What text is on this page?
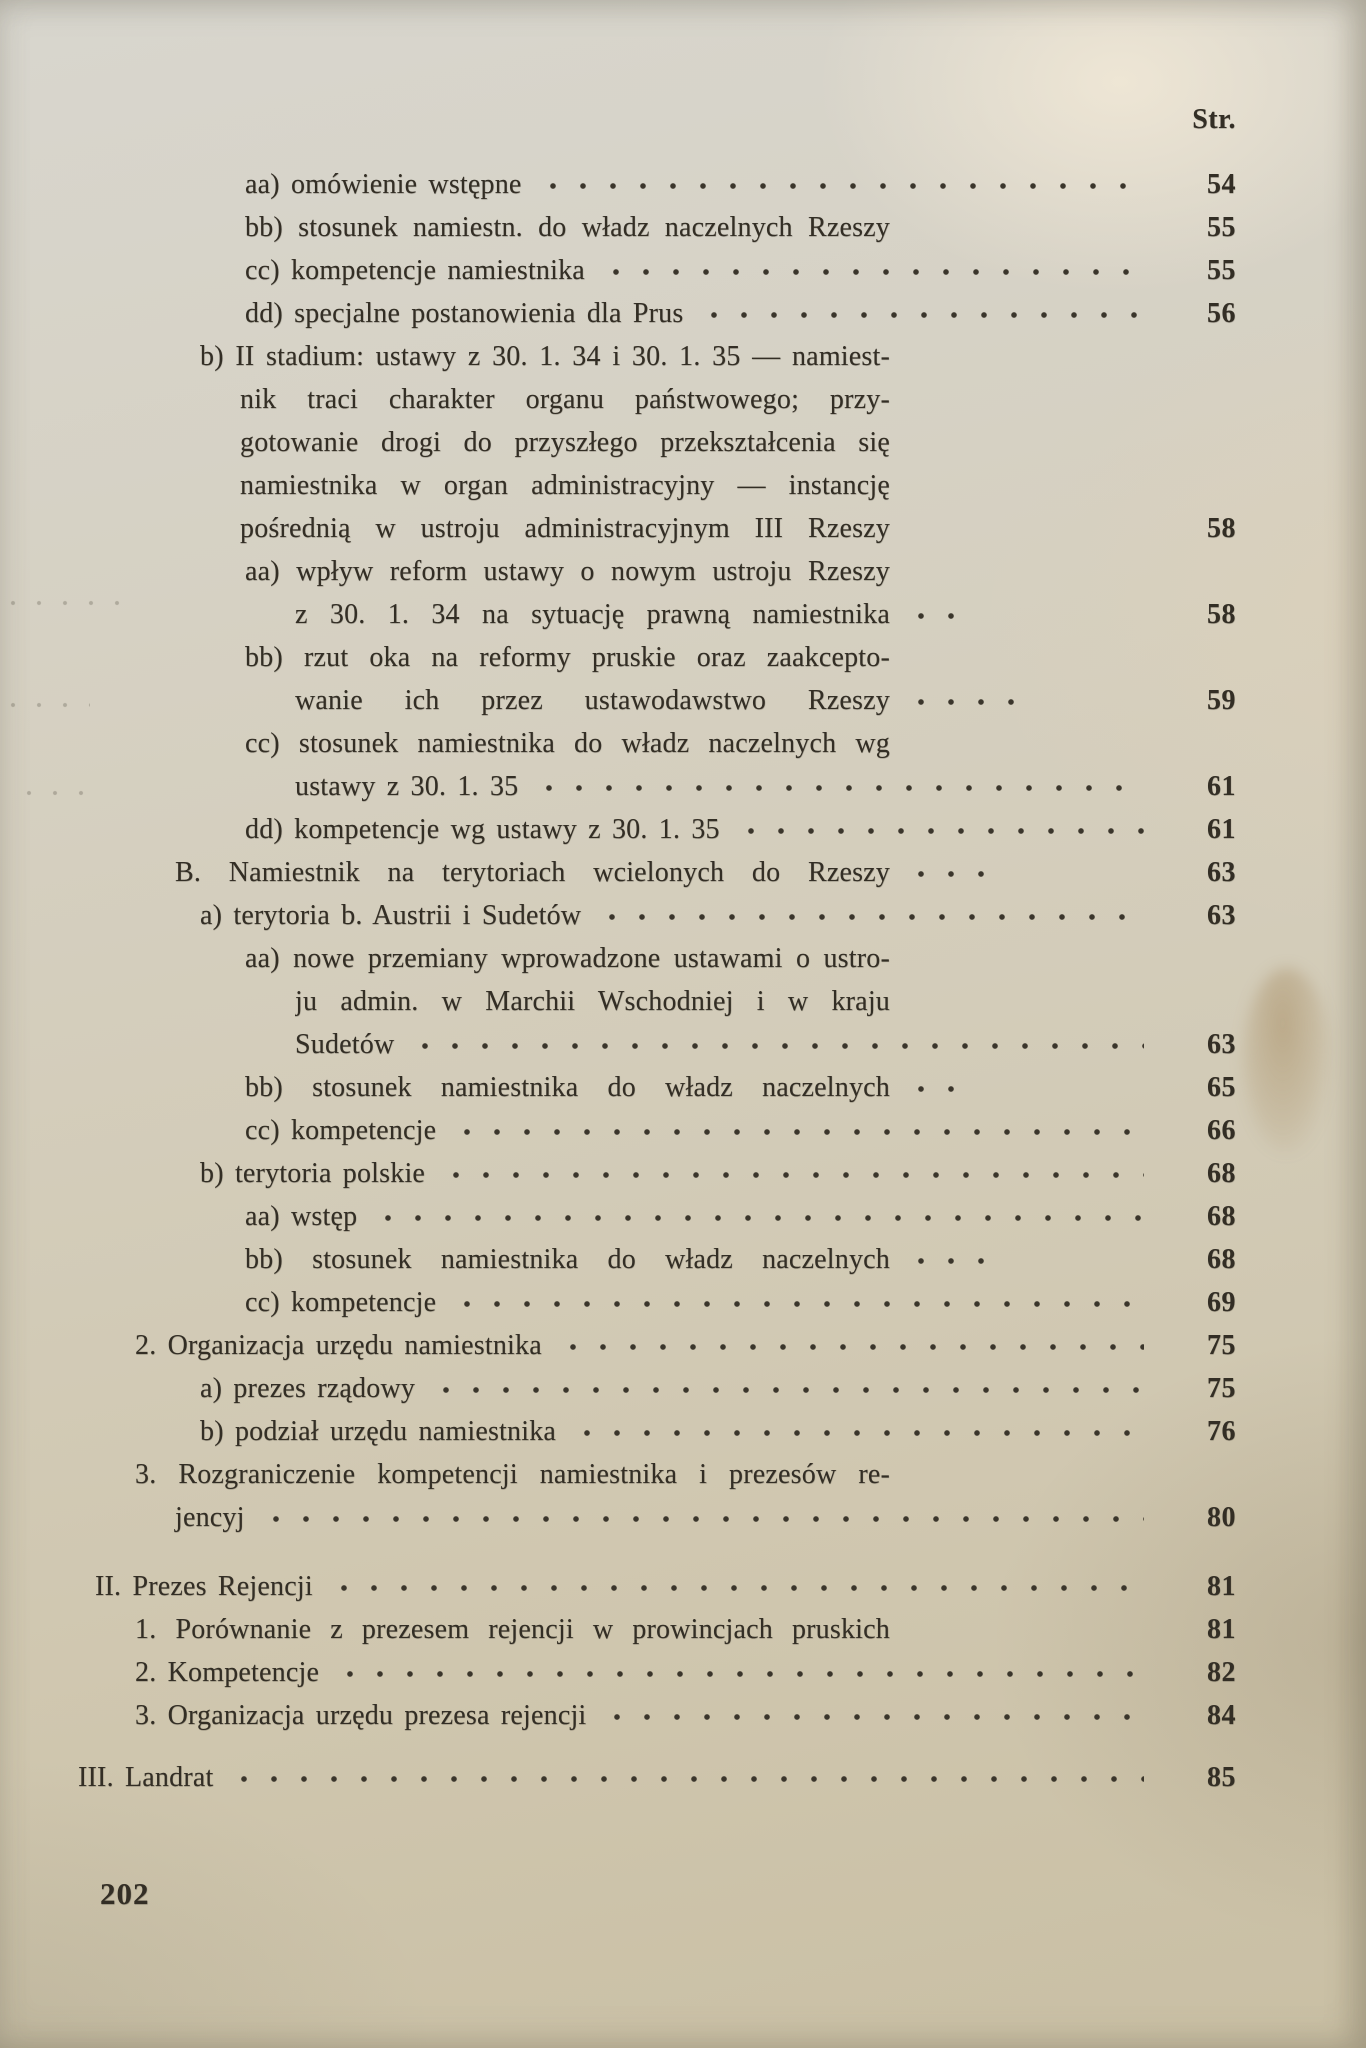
Str.
aa) omówienie wstępne	54
bb) stosunek namiestn. do władz naczelnych Rzeszy	55
cc) kompetencje namiestnika	55
dd) specjalne postanowienia dla Prus	56
b) II stadium: ustawy z 30. 1. 34 i 30. 1. 35 — namiest-
nik traci charakter organu państwowego; przy-
gotowanie drogi do przyszłego przekształcenia się
namiestnika w organ administracyjny — instancję
pośrednią w ustroju administracyjnym III Rzeszy	58
aa) wpływ reform ustawy o nowym ustroju Rzeszy
z 30. 1. 34 na sytuację prawną namiestnika	58
bb) rzut oka na reformy pruskie oraz zaakcepto-
wanie ich przez ustawodawstwo Rzeszy	59
cc) stosunek namiestnika do władz naczelnych wg
ustawy z 30. 1. 35	61
dd) kompetencje wg ustawy z 30. 1. 35	61
B. Namiestnik na terytoriach wcielonych do Rzeszy	63
a) terytoria b. Austrii i Sudetów	63
aa) nowe przemiany wprowadzone ustawami o ustro-
ju admin. w Marchii Wschodniej i w kraju
Sudetów	63
bb) stosunek namiestnika do władz naczelnych	65
cc) kompetencje	66
b) terytoria polskie	68
aa) wstęp	68
bb) stosunek namiestnika do władz naczelnych	68
cc) kompetencje	69
2. Organizacja urzędu namiestnika	75
a) prezes rządowy	75
b) podział urzędu namiestnika	76
3. Rozgraniczenie kompetencji namiestnika i prezesów re-
jencyj	80
II. Prezes Rejencji	81
1. Porównanie z prezesem rejencji w prowincjach pruskich	81
2. Kompetencje	82
3. Organizacja urzędu prezesa rejencji	84
III. Landrat	85
202
